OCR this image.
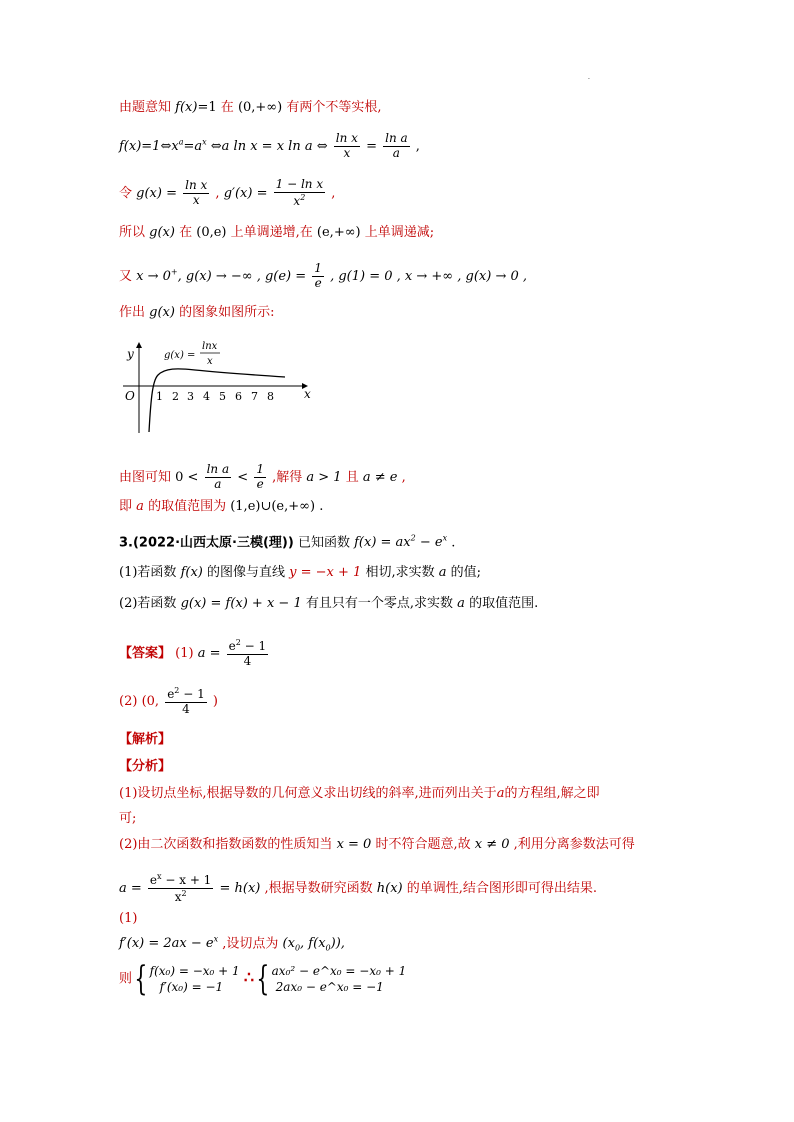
·
由题意知 f(x)=1 在 (0,+∞) 有两个不等实根,
$f(x)=1\Leftrightarrow x^a=a^x$ ⇔a ln x = x ln a ⇔ $\frac{\text{ln x}}{x} = \frac{\text{ln a}}{a}$ ,
令 $g(x) = \frac{\text{ln x}}{x}$ , $g'(x) = \frac{\text{1 − ln x}}{x^2}$ ,
所以 g(x) 在 (0,e) 上单调递增,在 (e,+∞) 上单调递减;
又 x → 0+, g(x) → −∞ , $g(e) = \frac{1}{e}$ , g(1) = 0 , x → +∞ , g(x) → 0 ,
作出 g(x) 的图象如图所示:
y
O	x
1 2 3 4 5 6 7 8
g(x) =
lnx
x
由图可知 $0 < \frac{\text{ln a}}{a} < \frac{1}{e}$ ,解得 a > 1 且 a ≠ e ,
即 a 的取值范围为 (1,e)∪(e,+∞) .
3.(2022·山西太原·三模(理)) 已知函数 $f(x) = ax^2 - e^x$ .
(1)若函数 f(x) 的图像与直线 y = −x + 1 相切,求实数 a 的值;
(2)若函数 g(x) = f(x) + x − 1 有且只有一个零点,求实数 a 的取值范围.
【答案】 (1) $a = \frac{e^2 - 1}{4}$
(2) (0, $\frac{e^2 - 1}{4}$ )
【解析】
【分析】
(1)设切点坐标,根据导数的几何意义求出切线的斜率,进而列出关于a的方程组,解之即
可;
(2)由二次函数和指数函数的性质知当 x = 0 时不符合题意,故 x ≠ 0 ,利用分离参数法可得
$a = \frac{e^x - x + 1}{x^2} = h(x)$ ,根据导数研究函数 h(x) 的单调性,结合图形即可得出结果.
(1)
$f'(x) = 2ax - e^x$ ,设切点为 ($x_0$, $f(x_0)$),
则{ f(x₀) = −x₀ + 1
f′(x₀) = −1
∴{ ax₀² − e^x₀ = −x₀ + 1
2ax₀ − e^x₀ = −1
